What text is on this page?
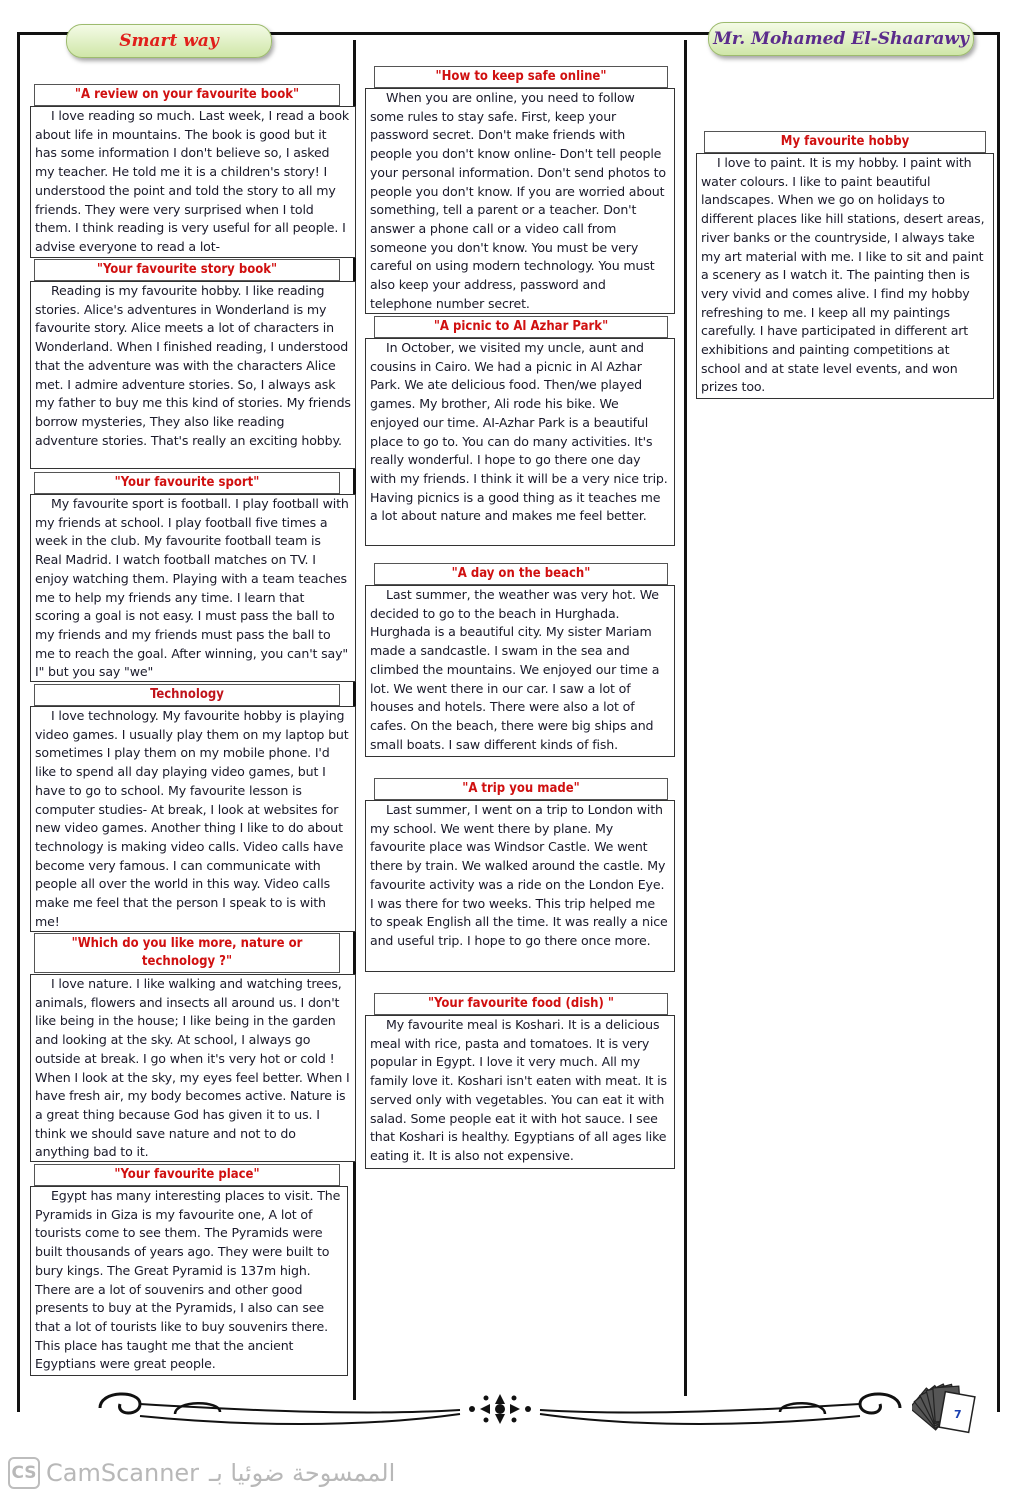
Smart way	Mr. Mohamed El-Shaarawy
"A review on your favourite book"
I love reading so much. Last week, I read a book about life in mountains. The book is good but it has some information I don't believe so, I asked my teacher. He told me it is a children's story! I understood the point and told the story to all my friends. They were very surprised when I told them. I think reading is very useful for all people. I advise everyone to read a lot-
"Your favourite story book"
Reading is my favourite hobby. I like reading stories. Alice's adventures in Wonderland is my favourite story. Alice meets a lot of characters in Wonderland. When I finished reading, I understood that the adventure was with the characters Alice met. I admire adventure stories. So, I always ask my father to buy me this kind of stories. My friends borrow mysteries, They also like reading adventure stories. That's really an exciting hobby.
"Your favourite sport"
My favourite sport is football. I play football with my friends at school. I play football five times a week in the club. My favourite football team is Real Madrid. I watch football matches on TV. I enjoy watching them. Playing with a team teaches me to help my friends any time. I learn that scoring a goal is not easy. I must pass the ball to my friends and my friends must pass the ball to me to reach the goal. After winning, you can't say" I" but you say "we"
Technology
I love technology. My favourite hobby is playing video games. I usually play them on my laptop but sometimes I play them on my mobile phone. I'd like to spend all day playing video games, but I have to go to school. My favourite lesson is computer studies- At break, I look at websites for new video games. Another thing I like to do about technology is making video calls. Video calls have become very famous. I can communicate with people all over the world in this way. Video calls make me feel that the person I speak to is with me!
"Which do you like more, nature or technology ?"
I love nature. I like walking and watching trees, animals, flowers and insects all around us. I don't like being in the house; I like being in the garden and looking at the sky. At school, I always go outside at break. I go when it's very hot or cold ! When I look at the sky, my eyes feel better. When I have fresh air, my body becomes active. Nature is a great thing because God has given it to us. I think we should save nature and not to do anything bad to it.
"Your favourite place"
Egypt has many interesting places to visit. The Pyramids in Giza is my favourite one, A lot of tourists come to see them. The Pyramids were built thousands of years ago. They were built to bury kings. The Great Pyramid is 137m high. There are a lot of souvenirs and other good presents to buy at the Pyramids, I also can see that a lot of tourists like to buy souvenirs there. This place has taught me that the ancient Egyptians were great people.
"How to keep safe online"
When you are online, you need to follow some rules to stay safe. First, keep your password secret. Don't make friends with people you don't know online- Don't tell people your personal information. Don't send photos to people you don't know. If you are worried about something, tell a parent or a teacher. Don't answer a phone call or a video call from someone you don't know. You must be very careful on using modern technology. You must also keep your address, password and telephone number secret.
"A picnic to Al Azhar Park"
In October, we visited my uncle, aunt and cousins in Cairo. We had a picnic in Al Azhar Park. We ate delicious food. Then/we played games. My brother, Ali rode his bike. We enjoyed our time. AI-Azhar Park is a beautiful place to go to. You can do many activities. It's really wonderful. I hope to go there one day with my friends. I think it will be a very nice trip. Having picnics is a good thing as it teaches me a lot about nature and makes me feel better.
"A day on the beach"
Last summer, the weather was very hot. We decided to go to the beach in Hurghada. Hurghada is a beautiful city. My sister Mariam made a sandcastle. I swam in the sea and climbed the mountains. We enjoyed our time a lot. We went there in our car. I saw a lot of houses and hotels. There were also a lot of cafes. On the beach, there were big ships and small boats. I saw different kinds of fish.
"A trip you made"
Last summer, I went on a trip to London with my school. We went there by plane. My favourite place was Windsor Castle. We went there by train. We walked around the castle. My favourite activity was a ride on the London Eye. I was there for two weeks. This trip helped me to speak English all the time. It was really a nice and useful trip. I hope to go there once more.
"Your favourite food (dish) "
My favourite meal is Koshari. It is a delicious meal with rice, pasta and tomatoes. It is very popular in Egypt. I love it very much. All my family love it. Koshari isn't eaten with meat. It is served only with vegetables. You can eat it with salad. Some people eat it with hot sauce. I see that Koshari is healthy. Egyptians of all ages like eating it. It is also not expensive.
My favourite hobby
I love to paint. It is my hobby. I paint with water colours. I like to paint beautiful landscapes. When we go on holidays to different places like hill stations, desert areas, river banks or the countryside, I always take my art material with me. I like to sit and paint a scenery as I watch it. The painting then is very vivid and comes alive. I find my hobby refreshing to me. I keep all my paintings carefully. I have participated in different art exhibitions and painting competitions at school and at state level events, and won prizes too.
7
CS CamScanner الممسوحة ضوئيا بـ
